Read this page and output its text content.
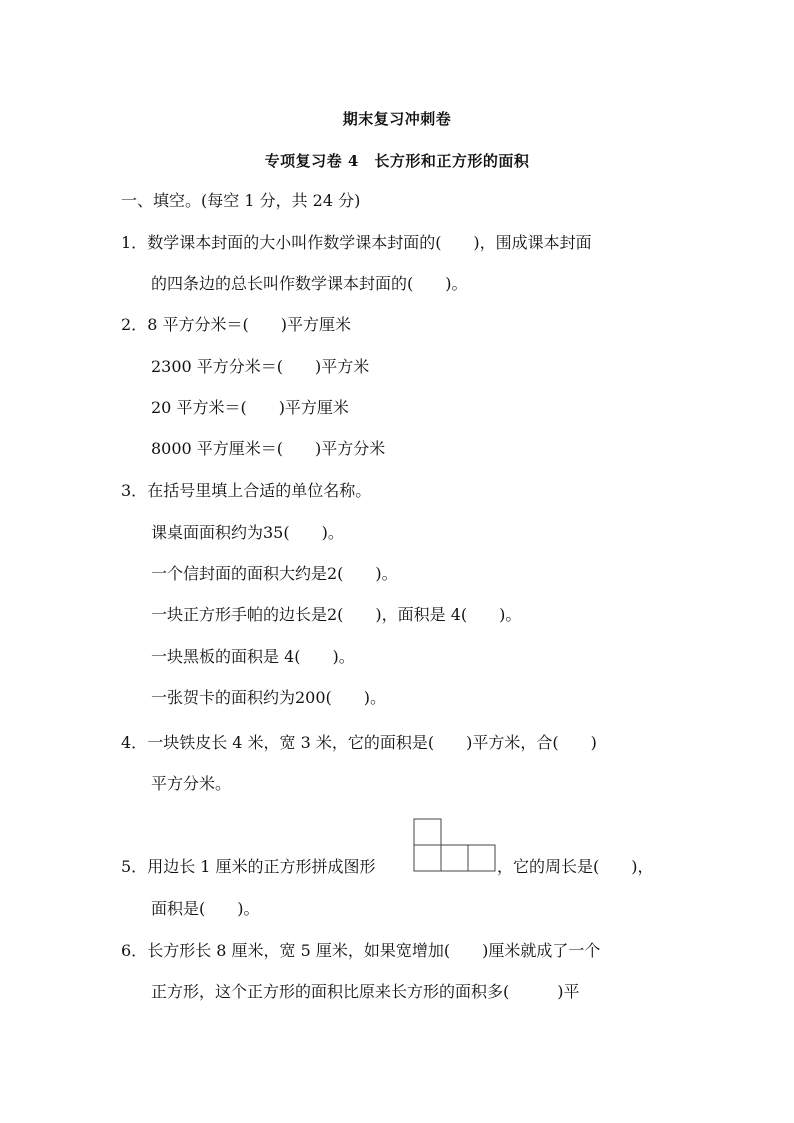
期末复习冲刺卷
专项复习卷 4　长方形和正方形的面积
一、填空。(每空 1 分，共 24 分)
1．数学课本封面的大小叫作数学课本封面的(　　)，围成课本封面
的四条边的总长叫作数学课本封面的(　　)。
2．8 平方分米＝(　　)平方厘米
2300 平方分米＝(　　)平方米
20 平方米＝(　　)平方厘米
8000 平方厘米＝(　　)平方分米
3．在括号里填上合适的单位名称。
课桌面面积约为35(　　)。
一个信封面的面积大约是2(　　)。
一块正方形手帕的边长是2(　　)，面积是 4(　　)。
一块黑板的面积是 4(　　)。
一张贺卡的面积约为200(　　)。
4．一块铁皮长 4 米，宽 3 米，它的面积是(　　)平方米，合(　　)
平方分米。
5．用边长 1 厘米的正方形拼成图形	，它的周长是(　　)，
面积是(　　)。
6．长方形长 8 厘米，宽 5 厘米，如果宽增加(　　)厘米就成了一个
正方形，这个正方形的面积比原来长方形的面积多(　　　)平
